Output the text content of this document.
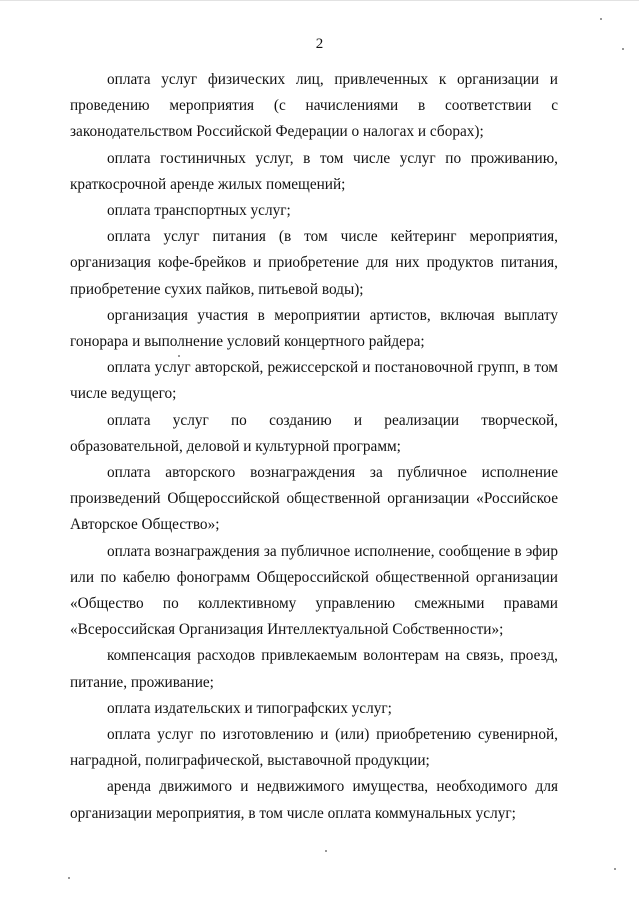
2

оплата услуг физических лиц, привлеченных к организации и проведению мероприятия (с начислениями в соответствии с законодательством Российской Федерации о налогах и сборах);

оплата гостиничных услуг, в том числе услуг по проживанию, краткосрочной аренде жилых помещений;

оплата транспортных услуг;

оплата услуг питания (в том числе кейтеринг мероприятия, организация кофе-брейков и приобретение для них продуктов питания, приобретение сухих пайков, питьевой воды);

организация участия в мероприятии артистов, включая выплату гонорара и выполнение условий концертного райдера;

оплата услуг авторской, режиссерской и постановочной групп, в том числе ведущего;

оплата услуг по созданию и реализации творческой, образовательной, деловой и культурной программ;

оплата авторского вознаграждения за публичное исполнение произведений Общероссийской общественной организации «Российское Авторское Общество»;

оплата вознаграждения за публичное исполнение, сообщение в эфир или по кабелю фонограмм Общероссийской общественной организации «Общество по коллективному управлению смежными правами «Всероссийская Организация Интеллектуальной Собственности»;

компенсация расходов привлекаемым волонтерам на связь, проезд, питание, проживание;

оплата издательских и типографских услуг;

оплата услуг по изготовлению и (или) приобретению сувенирной, наградной, полиграфической, выставочной продукции;

аренда движимого и недвижимого имущества, необходимого для организации мероприятия, в том числе оплата коммунальных услуг;
